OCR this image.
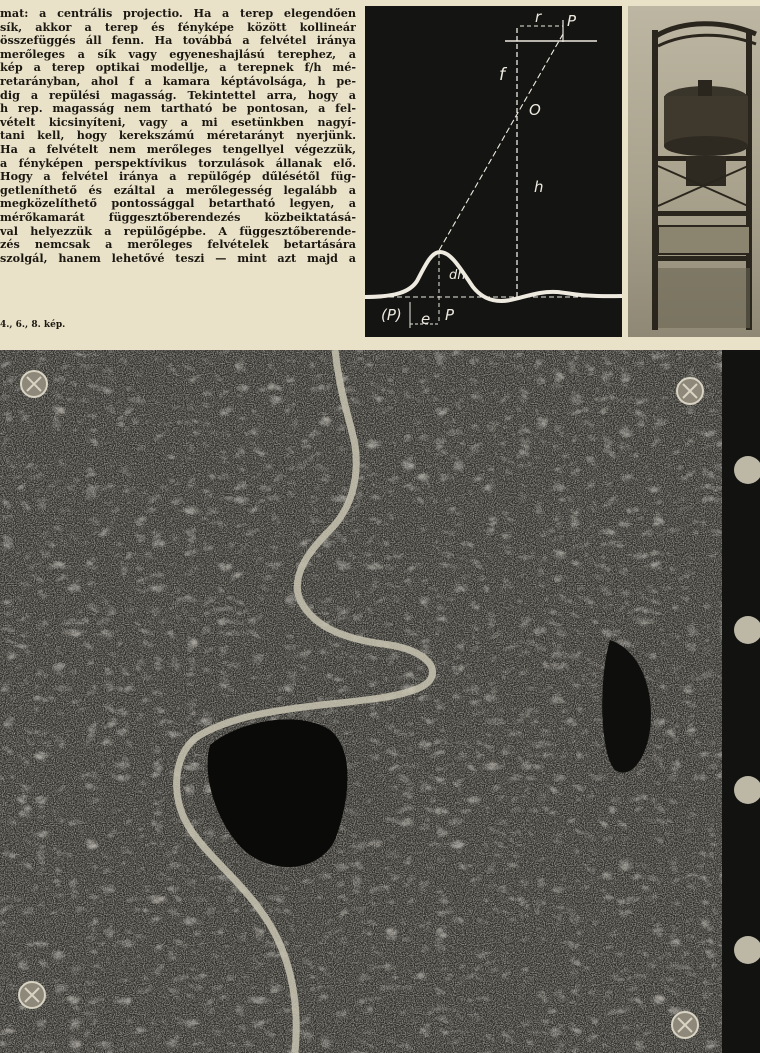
mat: a centrális projectio. Ha a terep elegendően
sík, akkor a terep és fényképe között kollineár
összefüggés áll fenn. Ha továbbá a felvétel iránya
merőleges a sík vagy egyeneshajlású terephez, a
kép a terep optikai modellje, a terepnek f/h mé-
retarányban, ahol f a kamara képtávolsága, h pe-
dig a repülési magasság. Tekintettel arra, hogy a
h rep. magasság nem tartható be pontosan, a fel-
vételt kicsinyíteni, vagy a mi esetünkben nagyí-
tani kell, hogy kerekszámú méretarányt nyerjünk.
Ha a felvételt nem merőleges tengellyel végezzük,
a fényképen perspektívikus torzulások állanak elő.
Hogy a felvétel iránya a repülőgép dűlésétől füg-
getleníthető és ezáltal a merőlegesség legalább a
megközelíthető pontossággal betartható legyen, a
mérőkamarát függesztőberendezés közbeiktatásá-
val helyezzük a repülőgépbe. A függesztőberende-
zés nemcsak a merőleges felvételek betartására
szolgál, hanem lehetővé teszi — mint azt majd a
4., 6., 8. kép.
r P
f
O
h
dh
(P) e P
